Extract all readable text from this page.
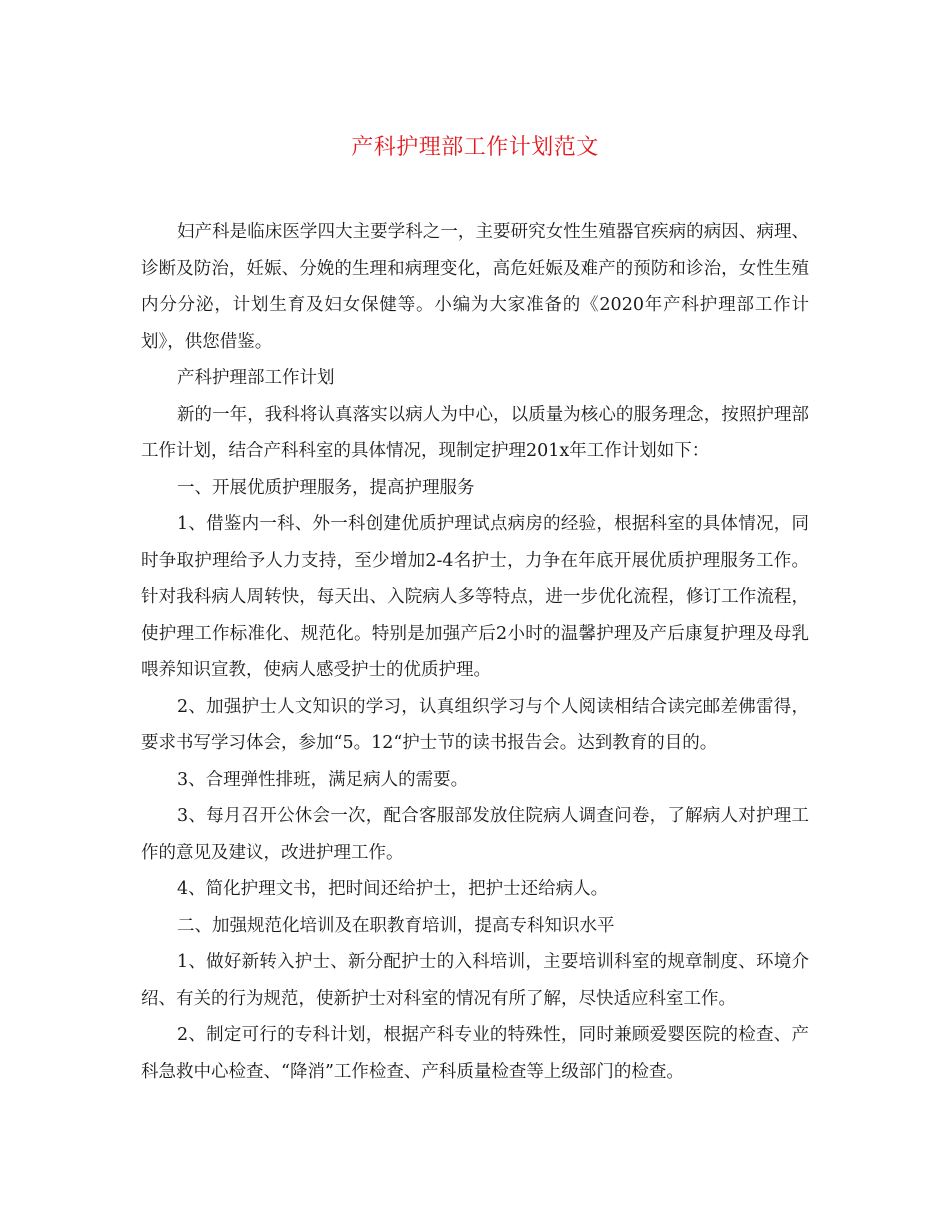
产科护理部工作计划范文

妇产科是临床医学四大主要学科之一，主要研究女性生殖器官疾病的病因、病理、诊断及防治，妊娠、分娩的生理和病理变化，高危妊娠及难产的预防和诊治，女性生殖内分分泌，计划生育及妇女保健等。小编为大家准备的《2020年产科护理部工作计划》，供您借鉴。

产科护理部工作计划

新的一年，我科将认真落实以病人为中心，以质量为核心的服务理念，按照护理部工作计划，结合产科科室的具体情况，现制定护理201x年工作计划如下：

一、开展优质护理服务，提高护理服务

1、借鉴内一科、外一科创建优质护理试点病房的经验，根据科室的具体情况，同时争取护理给予人力支持，至少增加2-4名护士，力争在年底开展优质护理服务工作。针对我科病人周转快，每天出、入院病人多等特点，进一步优化流程，修订工作流程，使护理工作标准化、规范化。特别是加强产后2小时的温馨护理及产后康复护理及母乳喂养知识宣教，使病人感受护士的优质护理。

2、加强护士人文知识的学习，认真组织学习与个人阅读相结合读完邮差佛雷得，要求书写学习体会，参加“5。12“护士节的读书报告会。达到教育的目的。

3、合理弹性排班，满足病人的需要。

3、每月召开公休会一次，配合客服部发放住院病人调查问卷，了解病人对护理工作的意见及建议，改进护理工作。

4、简化护理文书，把时间还给护士，把护士还给病人。

二、加强规范化培训及在职教育培训，提高专科知识水平

1、做好新转入护士、新分配护士的入科培训，主要培训科室的规章制度、环境介绍、有关的行为规范，使新护士对科室的情况有所了解，尽快适应科室工作。

2、制定可行的专科计划，根据产科专业的特殊性，同时兼顾爱婴医院的检查、产科急救中心检查、“降消”工作检查、产科质量检查等上级部门的检查。
